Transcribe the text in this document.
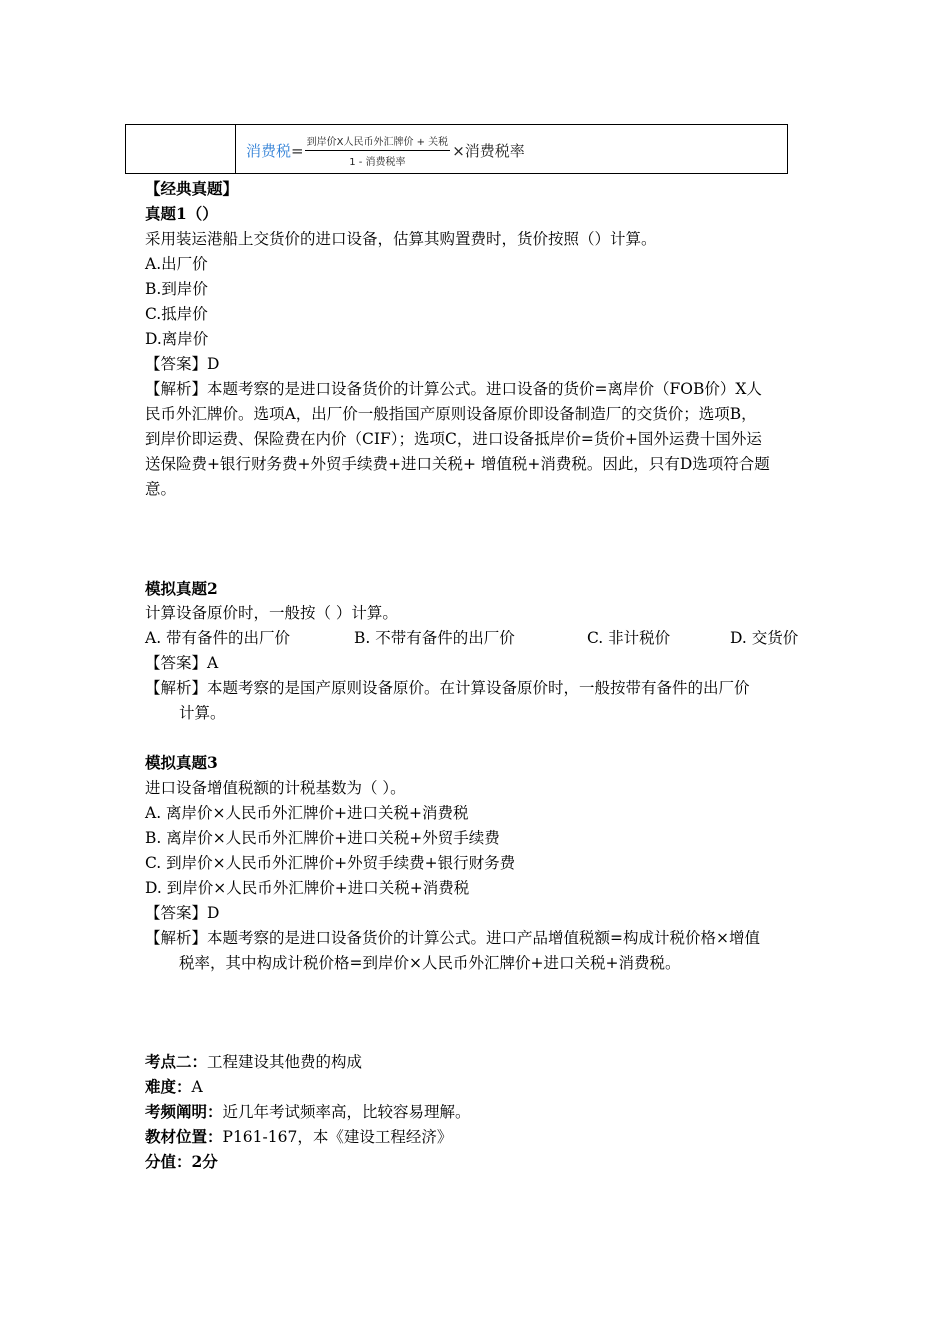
消费税 = $\frac{\text{到岸价X人民币外汇牌价 + 关税}}{\text{1 - 消费税率}}$ ×消费税率
【经典真题】
真题1（）
采用装运港船上交货价的进口设备，估算其购置费时，货价按照（）计算。
A.出厂价
B.到岸价
C.抵岸价
D.离岸价
【答案】D
【解析】本题考察的是进口设备货价的计算公式。进口设备的货价=离岸价（FOB价）X人
民币外汇牌价。选项A，出厂价一般指国产原则设备原价即设备制造厂的交货价；选项B，
到岸价即运费、保险费在内价（CIF）；选项C，进口设备抵岸价=货价+国外运费十国外运
送保险费+银行财务费+外贸手续费+进口关税+ 增值税+消费税。因此，只有D选项符合题
意。
模拟真题2
计算设备原价时，一般按（ ）计算。
A. 带有备件的出厂价	B. 不带有备件的出厂价	C. 非计税价	D. 交货价
【答案】A
【解析】本题考察的是国产原则设备原价。在计算设备原价时，一般按带有备件的出厂价
计算。
模拟真题3
进口设备增值税额的计税基数为（ ）。
A. 离岸价×人民币外汇牌价+进口关税+消费税
B. 离岸价×人民币外汇牌价+进口关税+外贸手续费
C. 到岸价×人民币外汇牌价+外贸手续费+银行财务费
D. 到岸价×人民币外汇牌价+进口关税+消费税
【答案】D
【解析】本题考察的是进口设备货价的计算公式。进口产品增值税额=构成计税价格×增值
税率，其中构成计税价格=到岸价×人民币外汇牌价+进口关税+消费税。
考点二：工程建设其他费的构成
难度：A
考频阐明：近几年考试频率高，比较容易理解。
教材位置：P161-167，本《建设工程经济》
分值：2分
